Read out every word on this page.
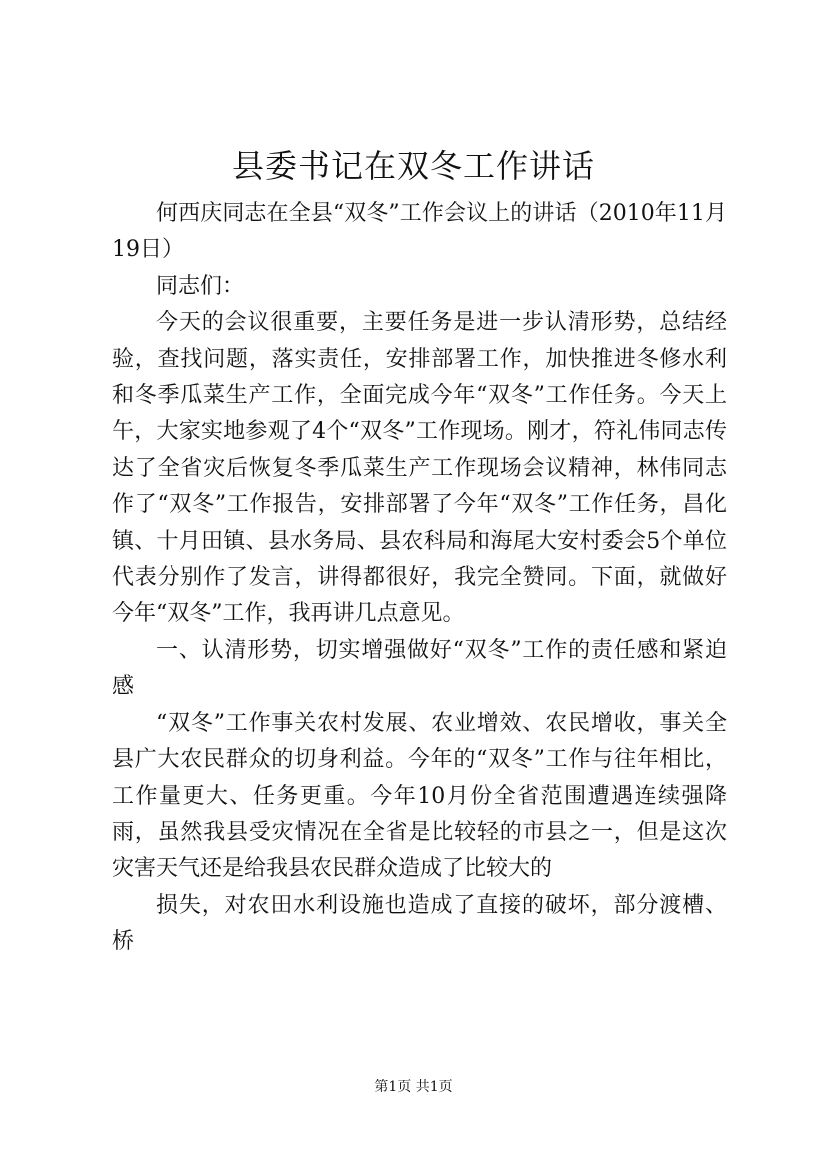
县委书记在双冬工作讲话

何西庆同志在全县“双冬”工作会议上的讲话（2010年11月19日）

同志们：

今天的会议很重要，主要任务是进一步认清形势，总结经验，查找问题，落实责任，安排部署工作，加快推进冬修水利和冬季瓜菜生产工作，全面完成今年“双冬”工作任务。今天上午，大家实地参观了4个“双冬”工作现场。刚才，符礼伟同志传达了全省灾后恢复冬季瓜菜生产工作现场会议精神，林伟同志作了“双冬”工作报告，安排部署了今年“双冬”工作任务，昌化镇、十月田镇、县水务局、县农科局和海尾大安村委会5个单位代表分别作了发言，讲得都很好，我完全赞同。下面，就做好今年“双冬”工作，我再讲几点意见。

一、认清形势，切实增强做好“双冬”工作的责任感和紧迫感

“双冬”工作事关农村发展、农业增效、农民增收，事关全县广大农民群众的切身利益。今年的“双冬”工作与往年相比，工作量更大、任务更重。今年10月份全省范围遭遇连续强降雨，虽然我县受灾情况在全省是比较轻的市县之一，但是这次灾害天气还是给我县农民群众造成了比较大的

损失，对农田水利设施也造成了直接的破坏，部分渡槽、桥

第1页 共1页
